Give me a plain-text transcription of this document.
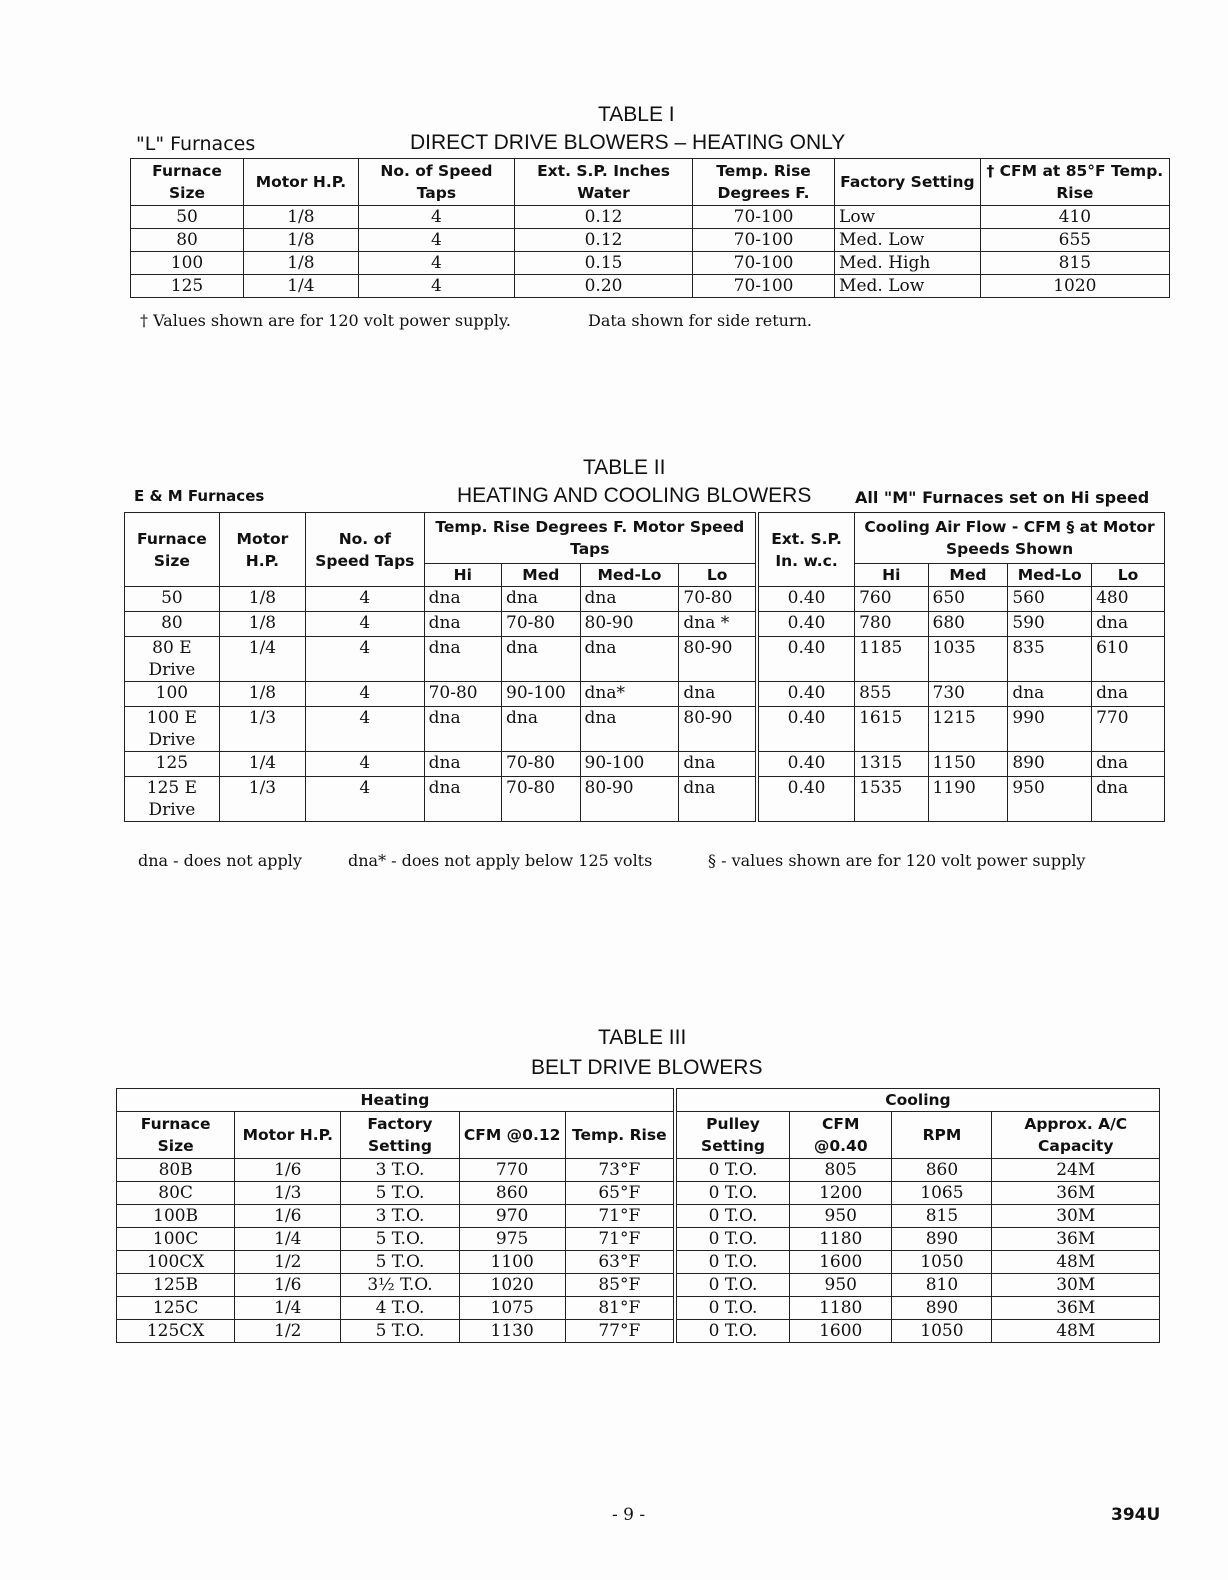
TABLE I
"L" Furnaces	DIRECT DRIVE BLOWERS – HEATING ONLY
Furnace Size	Motor H.P.	No. of Speed Taps	Ext. S.P. Inches Water	Temp. Rise Degrees F.	Factory Setting	† CFM at 85°F Temp. Rise
50	1/8	4	0.12	70-100	Low	410
80	1/8	4	0.12	70-100	Med. Low	655
100	1/8	4	0.15	70-100	Med. High	815
125	1/4	4	0.20	70-100	Med. Low	1020
† Values shown are for 120 volt power supply.	Data shown for side return.
TABLE II
E & M Furnaces	HEATING AND COOLING BLOWERS	All "M" Furnaces set on Hi speed
Furnace Size	Motor H.P.	No. of Speed Taps	Temp. Rise Degrees F. Motor Speed Taps				Ext. S.P. In. w.c.	Cooling Air Flow - CFM § at Motor Speeds Shown			
			Hi	Med	Med-Lo	Lo		Hi	Med	Med-Lo	Lo
50	1/8	4	dna	dna	dna	70-80	0.40	760	650	560	480
80	1/8	4	dna	70-80	80-90	dna *	0.40	780	680	590	dna
80 E Drive	1/4	4	dna	dna	dna	80-90	0.40	1185	1035	835	610
100	1/8	4	70-80	90-100	dna*	dna	0.40	855	730	dna	dna
100 E Drive	1/3	4	dna	dna	dna	80-90	0.40	1615	1215	990	770
125	1/4	4	dna	70-80	90-100	dna	0.40	1315	1150	890	dna
125 E Drive	1/3	4	dna	70-80	80-90	dna	0.40	1535	1190	950	dna
dna - does not apply	dna* - does not apply below 125 volts	§ - values shown are for 120 volt power supply
TABLE III
BELT DRIVE BLOWERS
Heating					Cooling			
Furnace Size	Motor H.P.	Factory Setting	CFM @0.12	Temp. Rise	Pulley Setting	CFM @0.40	RPM	Approx. A/C Capacity
80B	1/6	3 T.O.	770	73°F	0 T.O.	805	860	24M
80C	1/3	5 T.O.	860	65°F	0 T.O.	1200	1065	36M
100B	1/6	3 T.O.	970	71°F	0 T.O.	950	815	30M
100C	1/4	5 T.O.	975	71°F	0 T.O.	1180	890	36M
100CX	1/2	5 T.O.	1100	63°F	0 T.O.	1600	1050	48M
125B	1/6	3½ T.O.	1020	85°F	0 T.O.	950	810	30M
125C	1/4	4 T.O.	1075	81°F	0 T.O.	1180	890	36M
125CX	1/2	5 T.O.	1130	77°F	0 T.O.	1600	1050	48M
- 9 -	394U
